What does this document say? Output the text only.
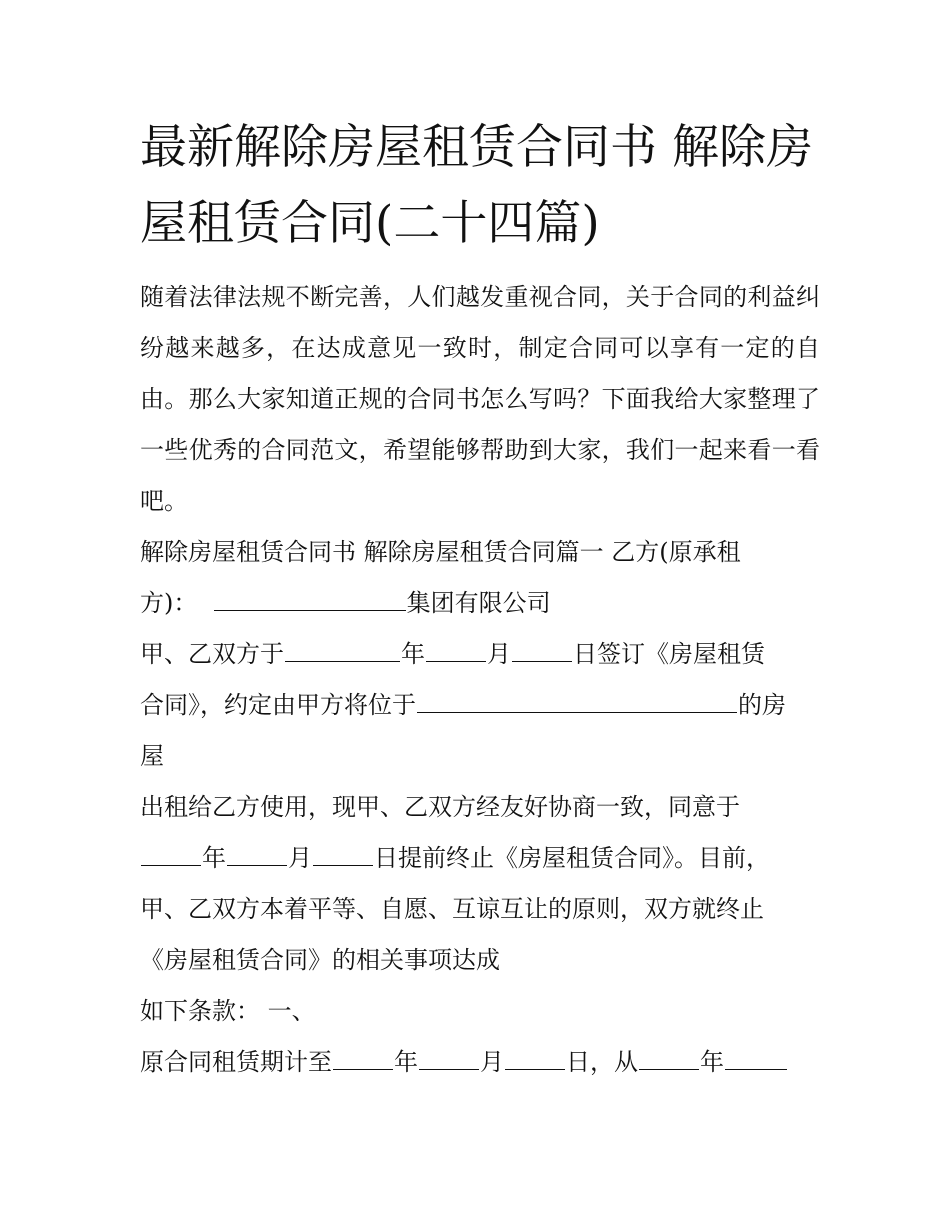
最新解除房屋租赁合同书 解除房屋租赁合同(二十四篇)

随着法律法规不断完善，人们越发重视合同，关于合同的利益纠纷越来越多，在达成意见一致时，制定合同可以享有一定的自由。那么大家知道正规的合同书怎么写吗？下面我给大家整理了一些优秀的合同范文，希望能够帮助到大家，我们一起来看一看吧。

解除房屋租赁合同书 解除房屋租赁合同篇一 乙方(原承租
方)：	集团有限公司
甲、乙双方于	年	月	日签订《房屋租赁
合同》，约定由甲方将位于	的房
屋
出租给乙方使用，现甲、乙双方经友好协商一致，同意于
年	月	日提前终止《房屋租赁合同》。目前，
甲、乙双方本着平等、自愿、互谅互让的原则，双方就终止
《房屋租赁合同》的相关事项达成
如下条款： 一、
原合同租赁期计至	年	月	日，从	年
